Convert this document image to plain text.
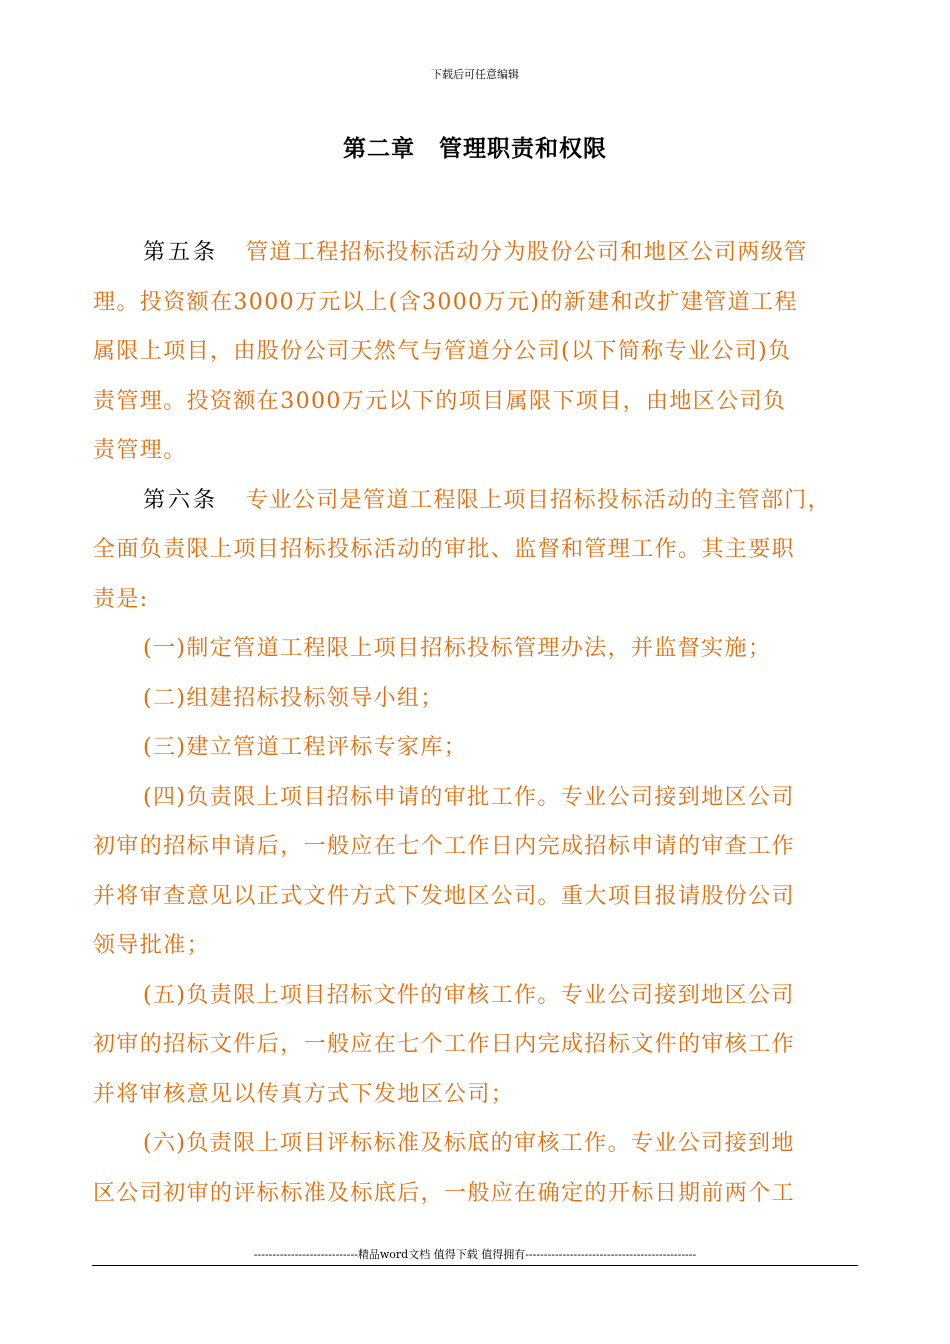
下载后可任意编辑
第二章　管理职责和权限
第五条 管道工程招标投标活动分为股份公司和地区公司两级管
理。投资额在3000万元以上(含3000万元)的新建和改扩建管道工程
属限上项目，由股份公司天然气与管道分公司(以下简称专业公司)负
责管理。投资额在3000万元以下的项目属限下项目，由地区公司负
责管理。
第六条 专业公司是管道工程限上项目招标投标活动的主管部门，
全面负责限上项目招标投标活动的审批、监督和管理工作。其主要职
责是:
(一)制定管道工程限上项目招标投标管理办法，并监督实施；
(二)组建招标投标领导小组；
(三)建立管道工程评标专家库；
(四)负责限上项目招标申请的审批工作。专业公司接到地区公司
初审的招标申请后，一般应在七个工作日内完成招标申请的审查工作
并将审查意见以正式文件方式下发地区公司。重大项目报请股份公司
领导批准；
(五)负责限上项目招标文件的审核工作。专业公司接到地区公司
初审的招标文件后，一般应在七个工作日内完成招标文件的审核工作
并将审核意见以传真方式下发地区公司；
(六)负责限上项目评标标准及标底的审核工作。专业公司接到地
区公司初审的评标标准及标底后，一般应在确定的开标日期前两个工
----------------------------精品word文档 值得下载 值得拥有----------------------------------------------
